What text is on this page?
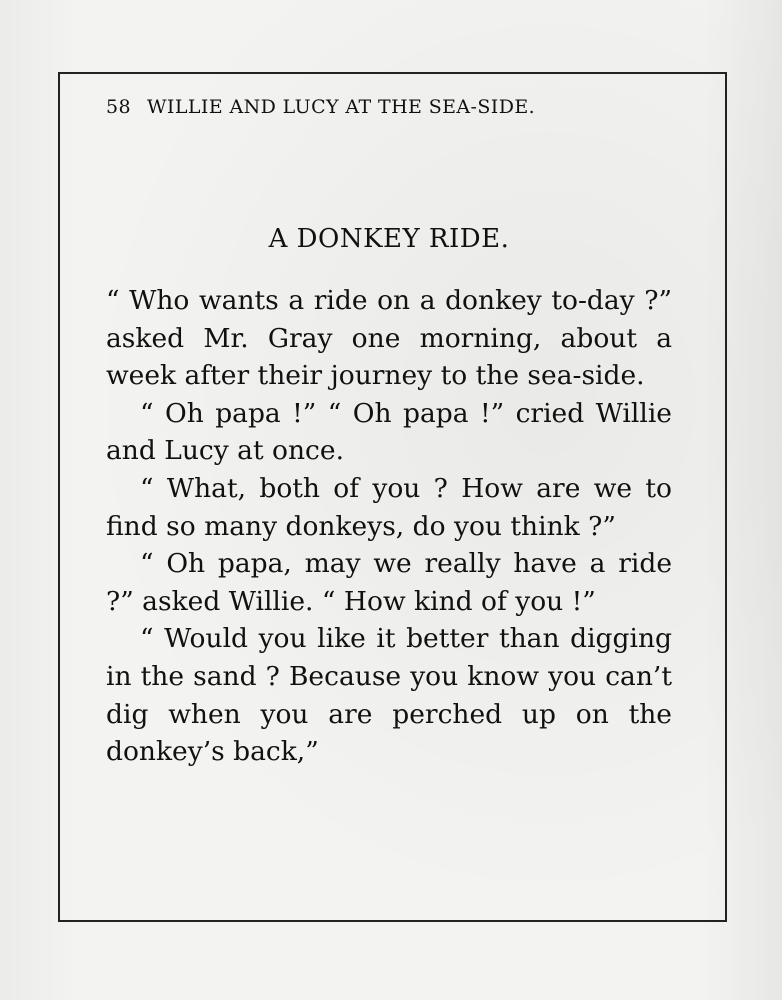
58 WILLIE AND LUCY AT THE SEA-SIDE.
A DONKEY RIDE.

“ Who wants a ride on a donkey to-day ?” asked Mr. Gray one morning, about a week after their journey to the sea-side.

“ Oh papa !” “ Oh papa !” cried Willie and Lucy at once.

“ What, both of you ? How are we to find so many donkeys, do you think ?”

“ Oh papa, may we really have a ride ?” asked Willie. “ How kind of you !”

“ Would you like it better than digging in the sand ? Because you know you can’t dig when you are perched up on the donkey’s back,”
